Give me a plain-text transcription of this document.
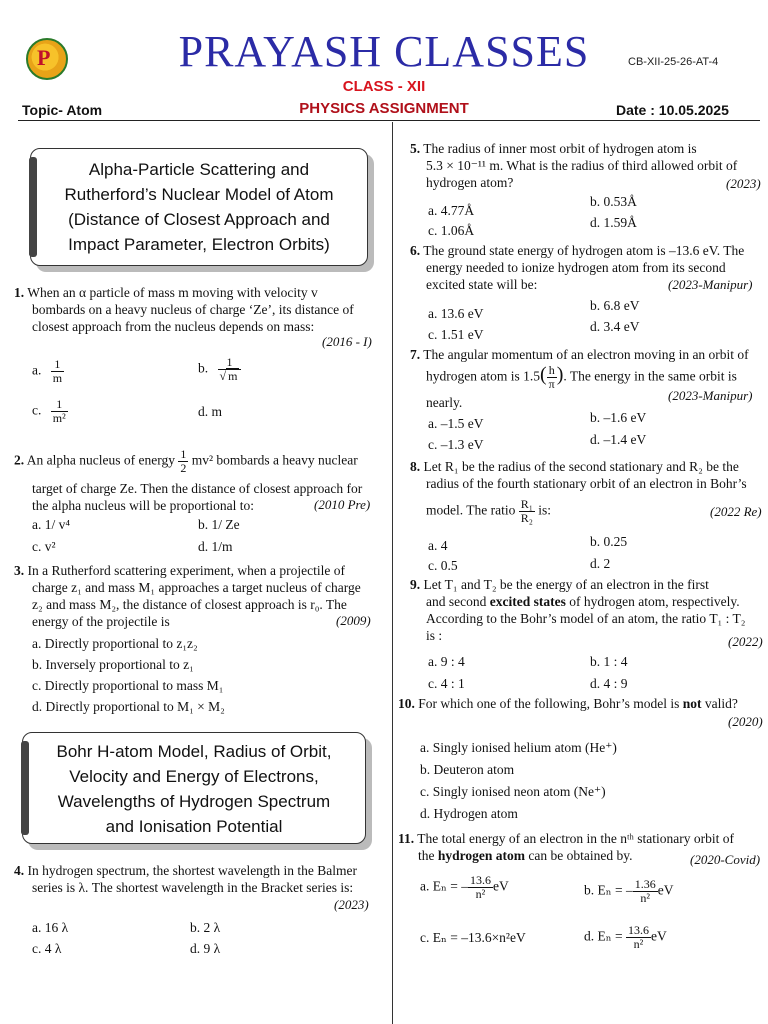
P	PRAYASH CLASSES	CB-XII-25-26-AT-4
CLASS - XII
Topic- Atom	PHYSICS ASSIGNMENT	Date : 10.05.2025
Alpha-Particle Scattering and
Rutherford’s Nuclear Model of Atom
(Distance of Closest Approach and
Impact Parameter, Electron Orbits)
1. When an α particle of mass m moving with velocity v
bombards on a heavy nucleus of charge ‘Ze’, its distance of
closest approach from the nucleus depends on mass:
(2016 - I)
a. $\frac{1}{m}$	b. $\frac{1}{√ m}$
c. $\frac{1}{\text{m²}}$	d. m
2. An alpha nucleus of energy $\frac{1}{2} mv^2$ bombards a heavy nuclear
target of charge Ze. Then the distance of closest approach for
the alpha nucleus will be proportional to:	(2010 Pre)
a. 1/ v⁴	b. 1/ Ze
c. v²	d. 1/m
3. In a Rutherford scattering experiment, when a projectile of
charge z₁ and mass M₁ approaches a target nucleus of charge
z₂ and mass M₂, the distance of closest approach is r₀. The
energy of the projectile is	(2009)
a. Directly proportional to z₁z₂
b. Inversely proportional to z₁
c. Directly proportional to mass M₁
d. Directly proportional to M₁ × M₂
Bohr H-atom Model, Radius of Orbit,
Velocity and Energy of Electrons,
Wavelengths of Hydrogen Spectrum
and Ionisation Potential
4. In hydrogen spectrum, the shortest wavelength in the Balmer
series is λ. The shortest wavelength in the Bracket series is:
(2023)
a. 16 λ	b. 2 λ
c. 4 λ	d. 9 λ
5. The radius of inner most orbit of hydrogen atom is
5.3 × 10⁻¹¹ m. What is the radius of third allowed orbit of
hydrogen atom?	(2023)
a. 4.77Å
b. 0.53Å
c. 1.06Å
d. 1.59Å
6. The ground state energy of hydrogen atom is –13.6 eV. The
energy needed to ionize hydrogen atom from its second
excited state will be:	(2023-Manipur)
a. 13.6 eV
b. 6.8 eV
c. 1.51 eV
d. 3.4 eV
7. The angular momentum of an electron moving in an orbit of
hydrogen atom is $1.5( \frac{h}{\pi}$ ). The energy in the same orbit is
nearly.	(2023-Manipur)
a. –1.5 eV	b. –1.6 eV
c. –1.3 eV	d. –1.4 eV
8. Let R₁ be the radius of the second stationary and R₂ be the
radius of the fourth stationary orbit of an electron in Bohr’s
model. The ratio $\frac{\text{R₁}}{\text{R₂}}$ is:	(2022 Re)
a. 4	b. 0.25
c. 0.5	d. 2
9. Let T₁ and T₂ be the energy of an electron in the first
and second excited states of hydrogen atom, respectively.
According to the Bohr’s model of an atom, the ratio T₁ : T₂
is :	(2022)
a. 9 : 4	b. 1 : 4
c. 4 : 1	d. 4 : 9
10. For which one of the following, Bohr’s model is not valid?
(2020)
a. Singly ionised helium atom (He⁺)
b. Deuteron atom
c. Singly ionised neon atom (Ne⁺)
d. Hydrogen atom
11. The total energy of an electron in the nᵗʰ stationary orbit of
the hydrogen atom can be obtained by.	(2020-Covid)
a. Eₙ = – $\frac{13.6}{\text{n²}}$ eV	b. Eₙ = – $\frac{1.36}{\text{n²}}$ eV
c. Eₙ = –13.6×n²eV	d. $E_n = \frac{13.6}{\text{n²}}$ eV
